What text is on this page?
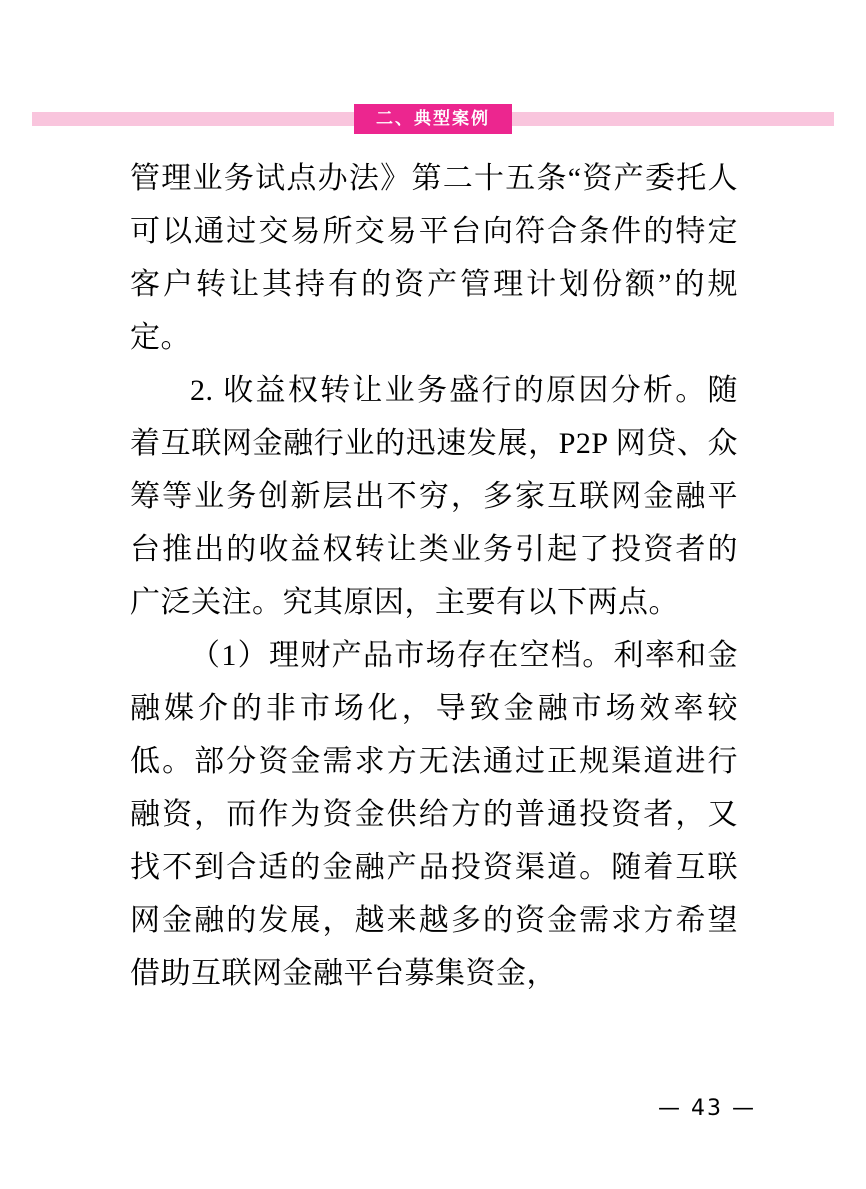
二、典型案例

管理业务试点办法》第二十五条“资产委托人可以通过交易所交易平台向符合条件的特定客户转让其持有的资产管理计划份额”的规定。

2. 收益权转让业务盛行的原因分析。随着互联网金融行业的迅速发展，P2P 网贷、众筹等业务创新层出不穷，多家互联网金融平台推出的收益权转让类业务引起了投资者的广泛关注。究其原因，主要有以下两点。

（1）理财产品市场存在空档。利率和金融媒介的非市场化，导致金融市场效率较低。部分资金需求方无法通过正规渠道进行融资，而作为资金供给方的普通投资者，又找不到合适的金融产品投资渠道。随着互联网金融的发展，越来越多的资金需求方希望借助互联网金融平台募集资金，

— 43 —
